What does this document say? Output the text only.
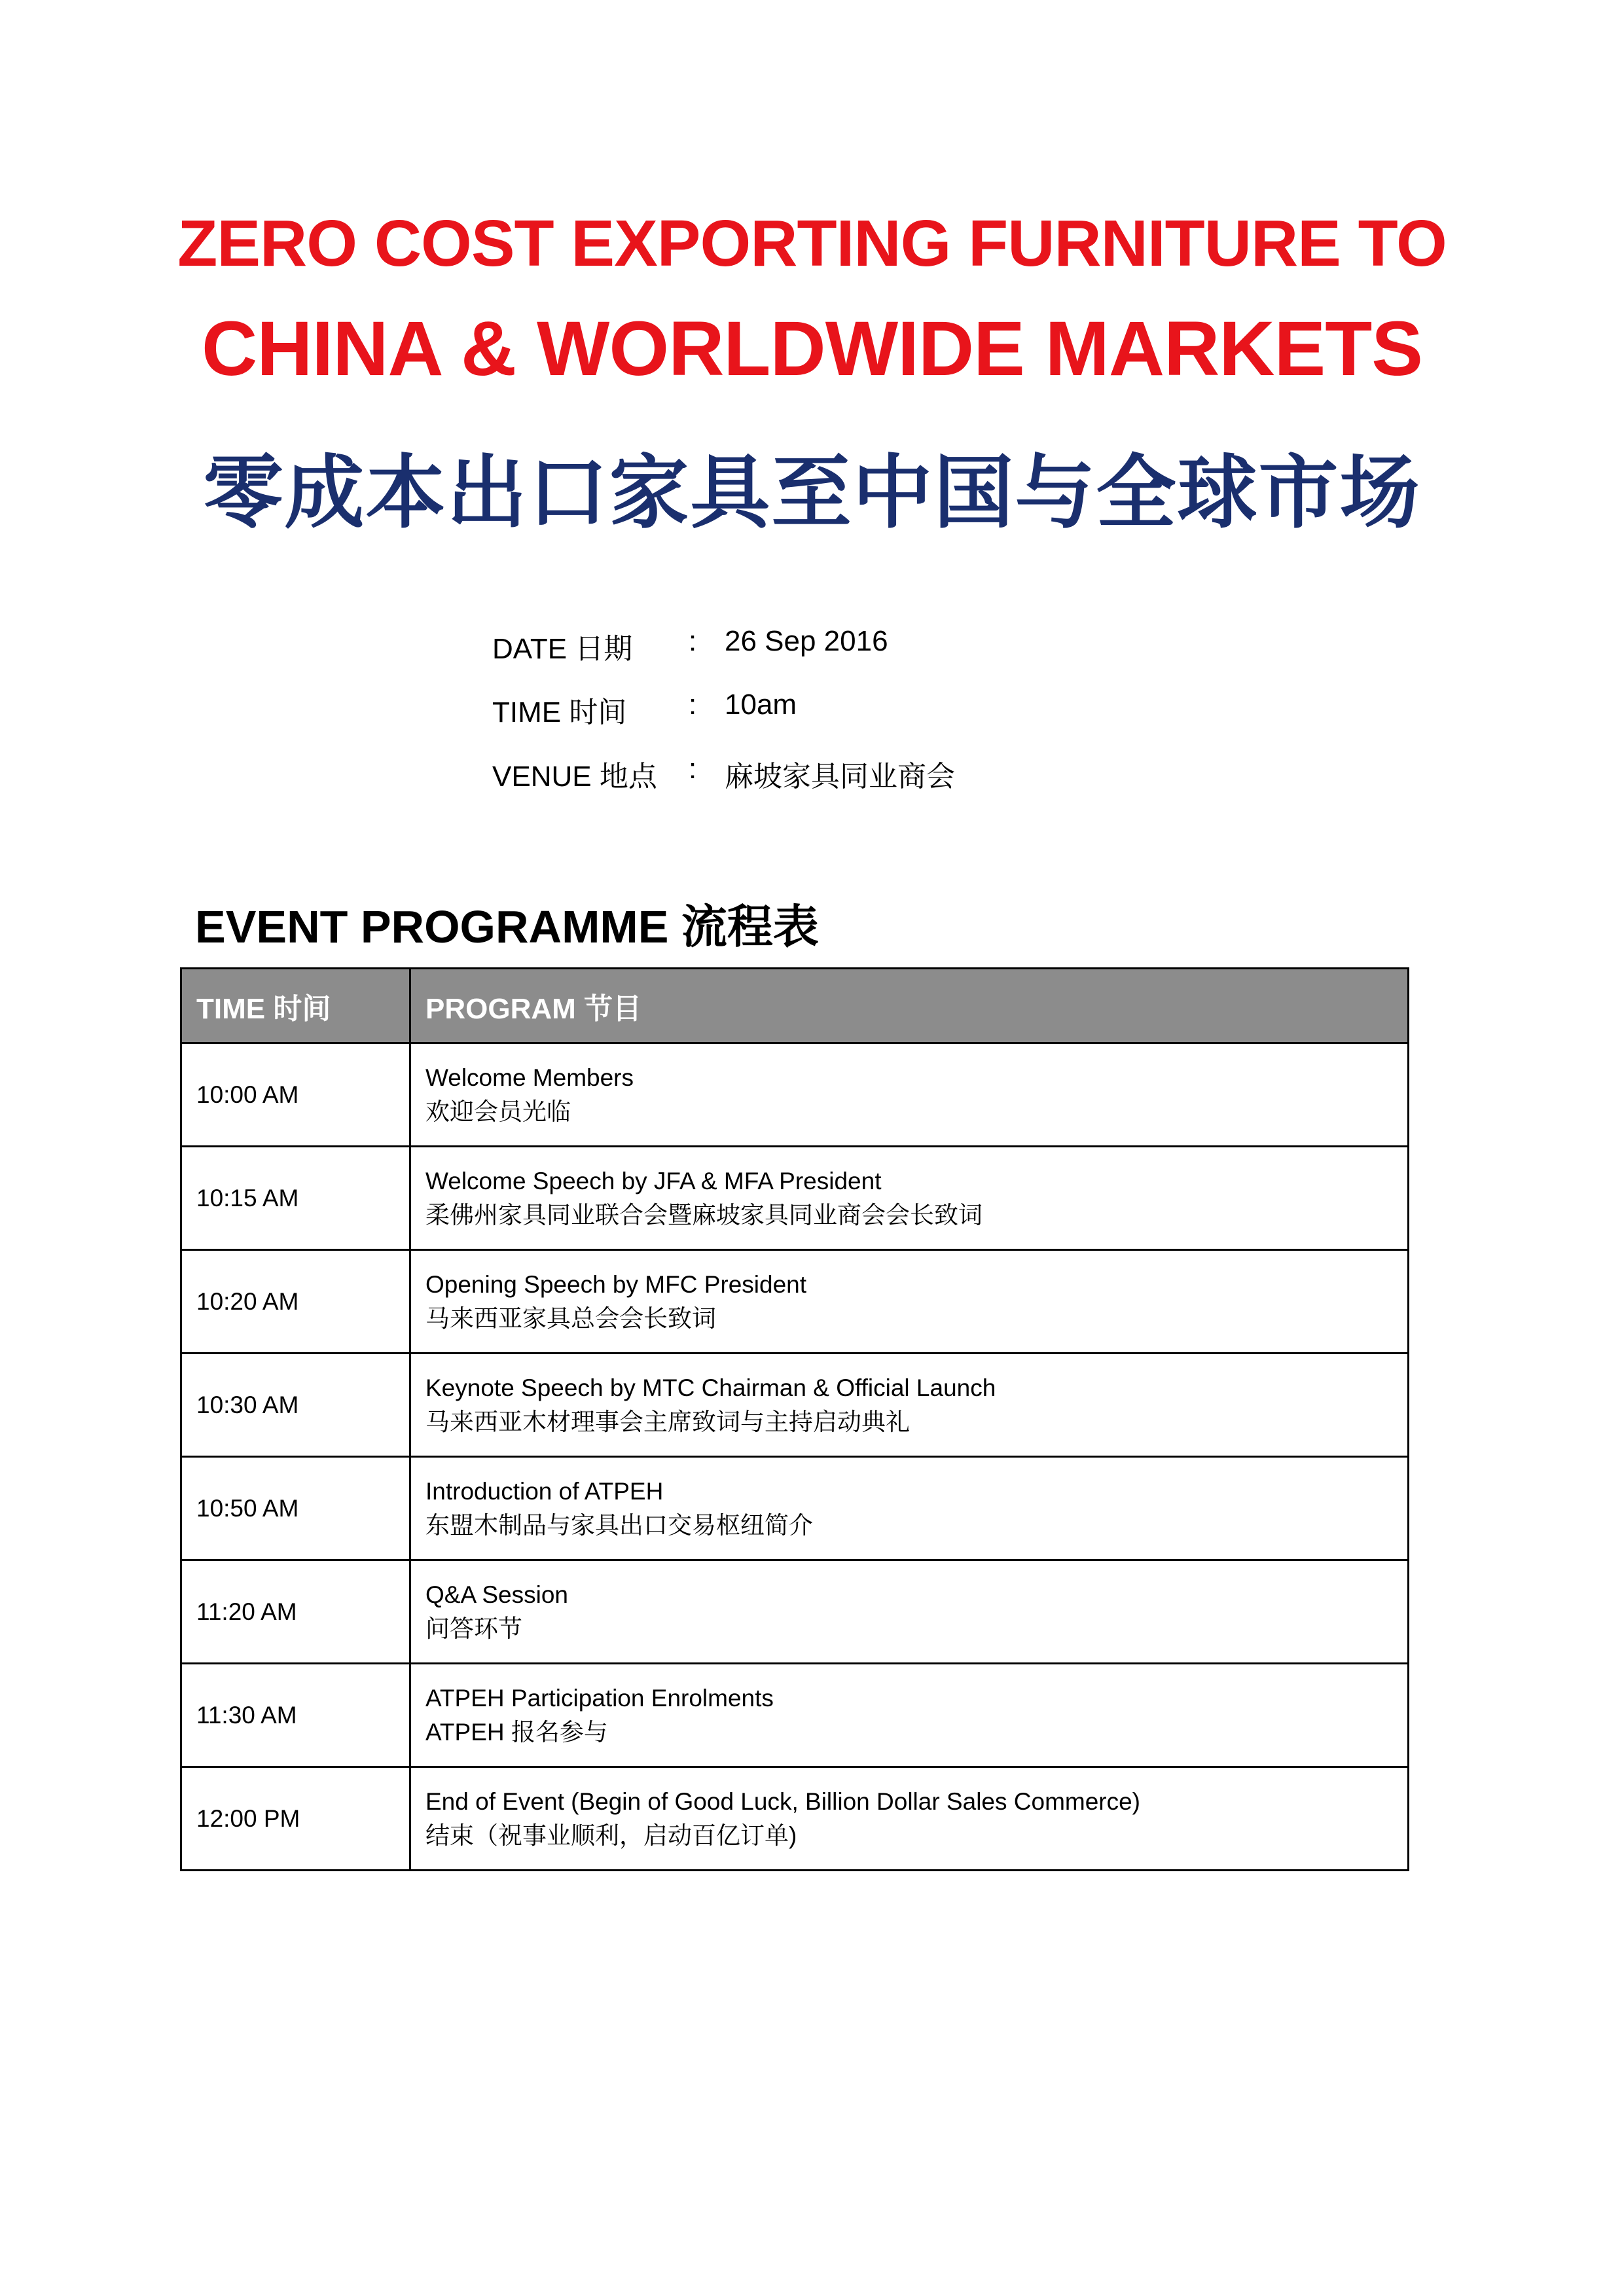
ZERO COST EXPORTING FURNITURE TO
CHINA & WORLDWIDE MARKETS
零成本出口家具至中国与全球市场
DATE 日期 : 26 Sep 2016
TIME 时间 : 10am
VENUE 地点 : 麻坡家具同业商会
EVENT PROGRAMME 流程表
TIME 时间	PROGRAM 节目
10:00 AM	Welcome Members
欢迎会员光临

10:15 AM	Welcome Speech by JFA & MFA President
柔佛州家具同业联合会暨麻坡家具同业商会会长致词

10:20 AM	Opening Speech by MFC President
马来西亚家具总会会长致词

10:30 AM	Keynote Speech by MTC Chairman & Official Launch
马来西亚木材理事会主席致词与主持启动典礼

10:50 AM	Introduction of ATPEH
东盟木制品与家具出口交易枢纽简介

11:20 AM	Q&A Session
问答环节

11:30 AM	ATPEH Participation Enrolments
ATPEH 报名参与

12:00 PM	End of Event (Begin of Good Luck, Billion Dollar Sales Commerce)
结束（祝事业顺利，启动百亿订单)
